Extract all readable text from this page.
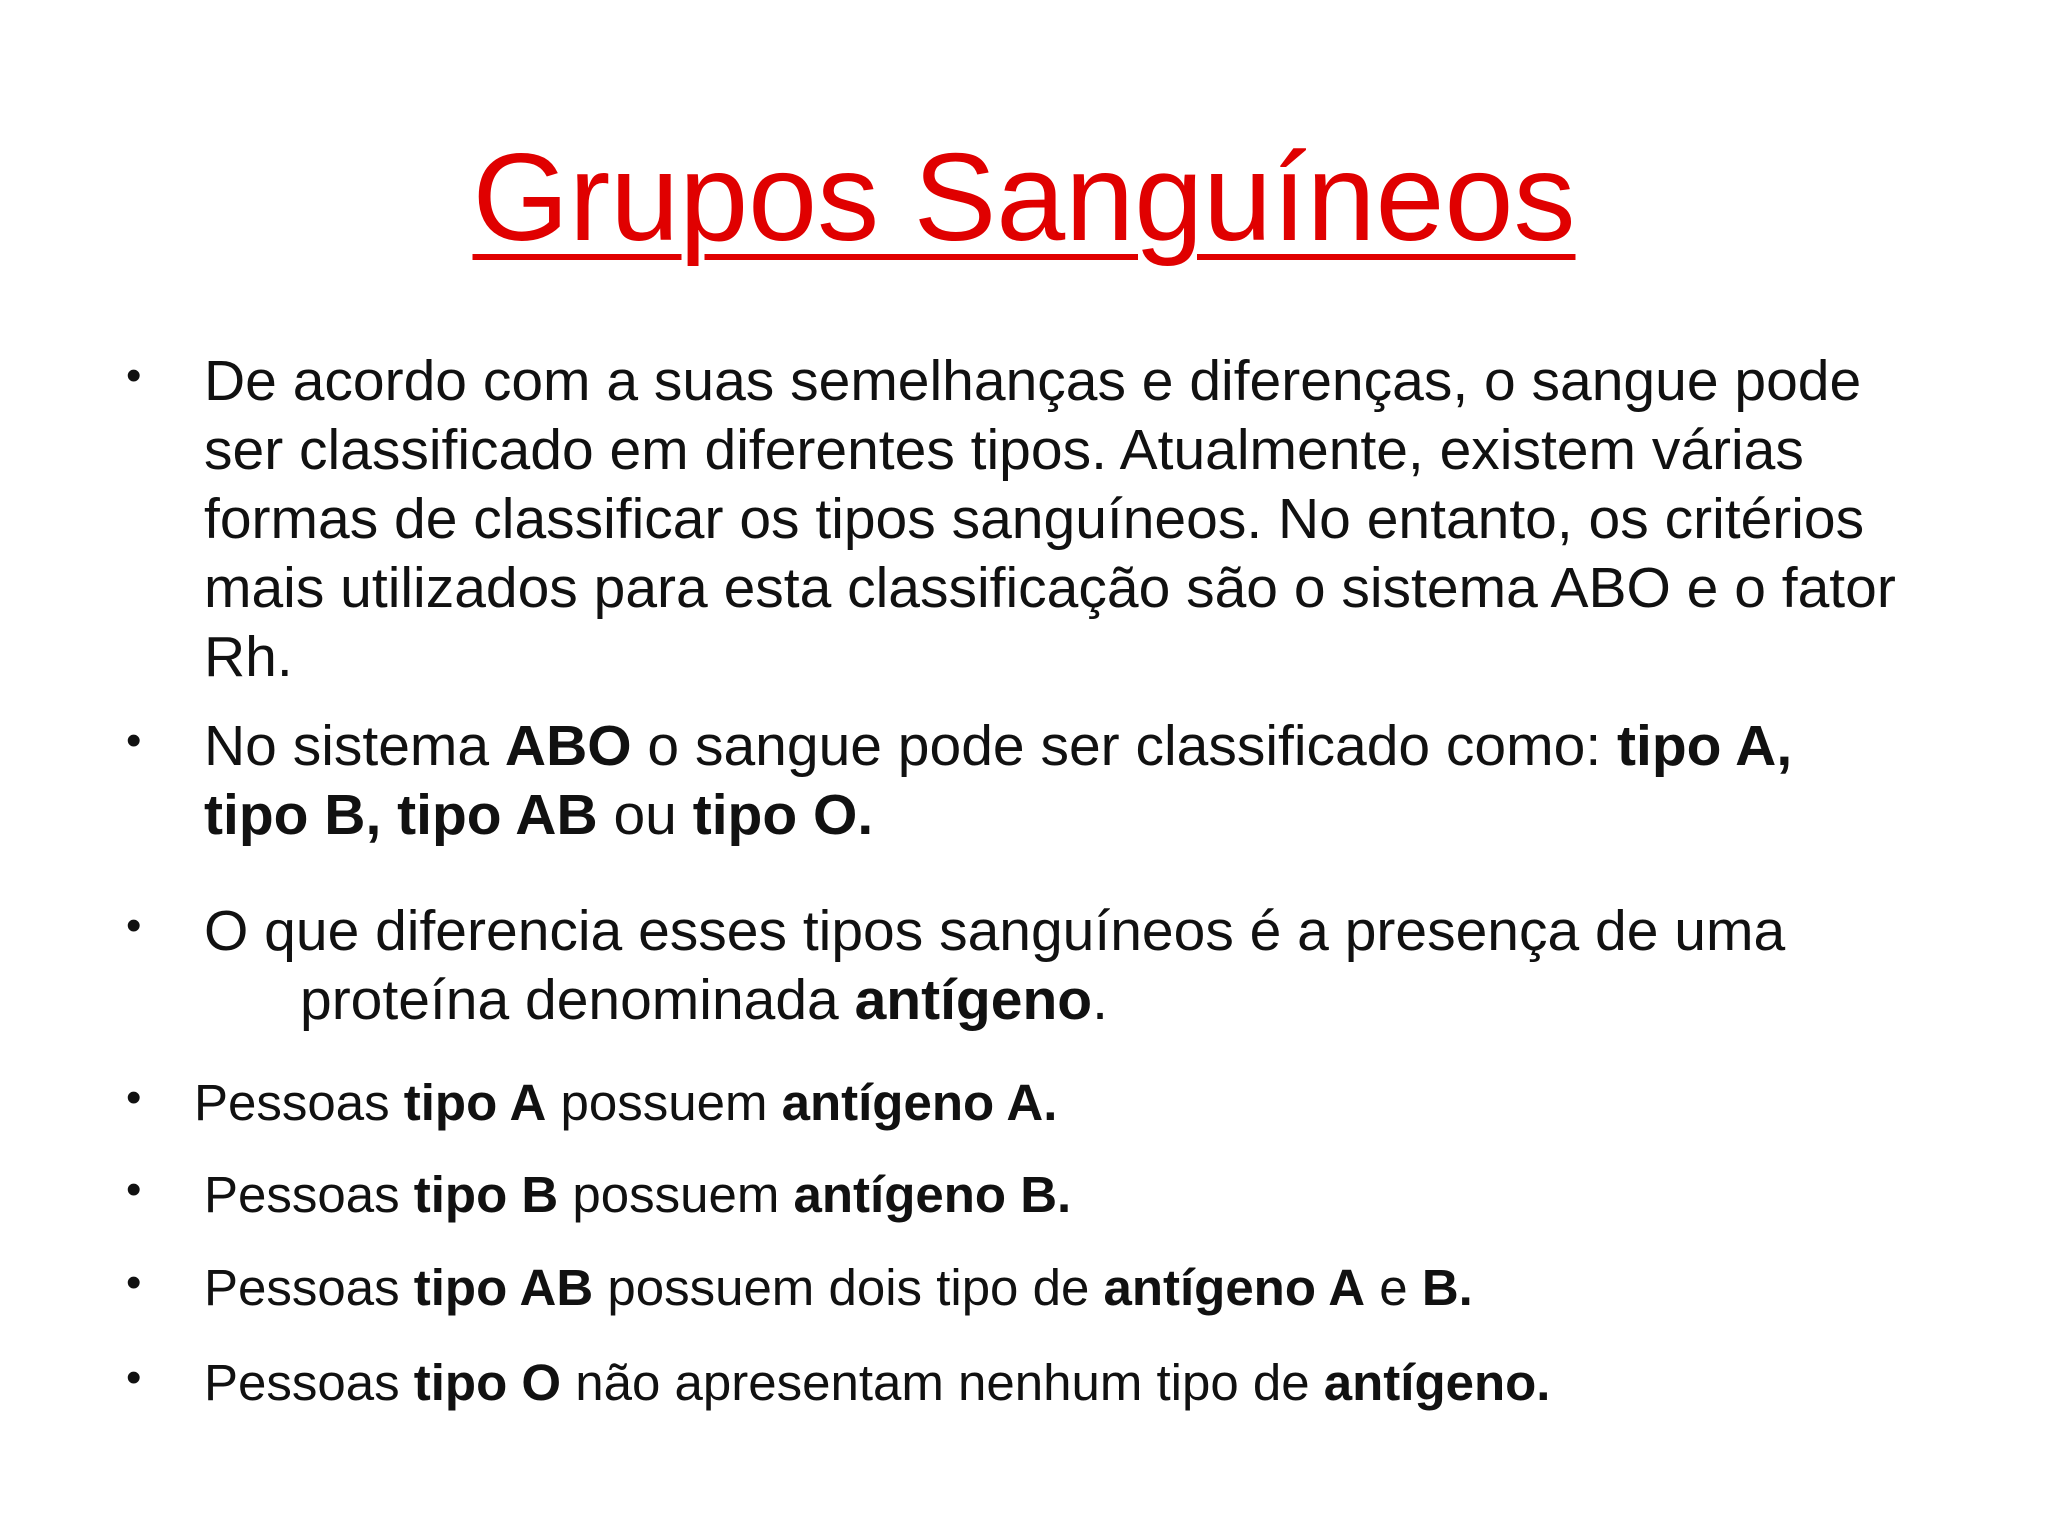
Grupos Sanguíneos
• De acordo com a suas semelhanças e diferenças, o sangue pode ser classificado em diferentes tipos. Atualmente, existem várias formas de classificar os tipos sanguíneos. No entanto, os critérios mais utilizados para esta classificação são o sistema ABO e o fator Rh.
• No sistema ABO o sangue pode ser classificado como: tipo A,
tipo B, tipo AB ou tipo O.
• O que diferencia esses tipos sanguíneos é a presença de uma

proteína denominada antígeno.
• Pessoas tipo A possuem antígeno A.
• Pessoas tipo B possuem antígeno B.
• Pessoas tipo AB possuem dois tipo de antígeno A e B.
• Pessoas tipo O não apresentam nenhum tipo de antígeno.
